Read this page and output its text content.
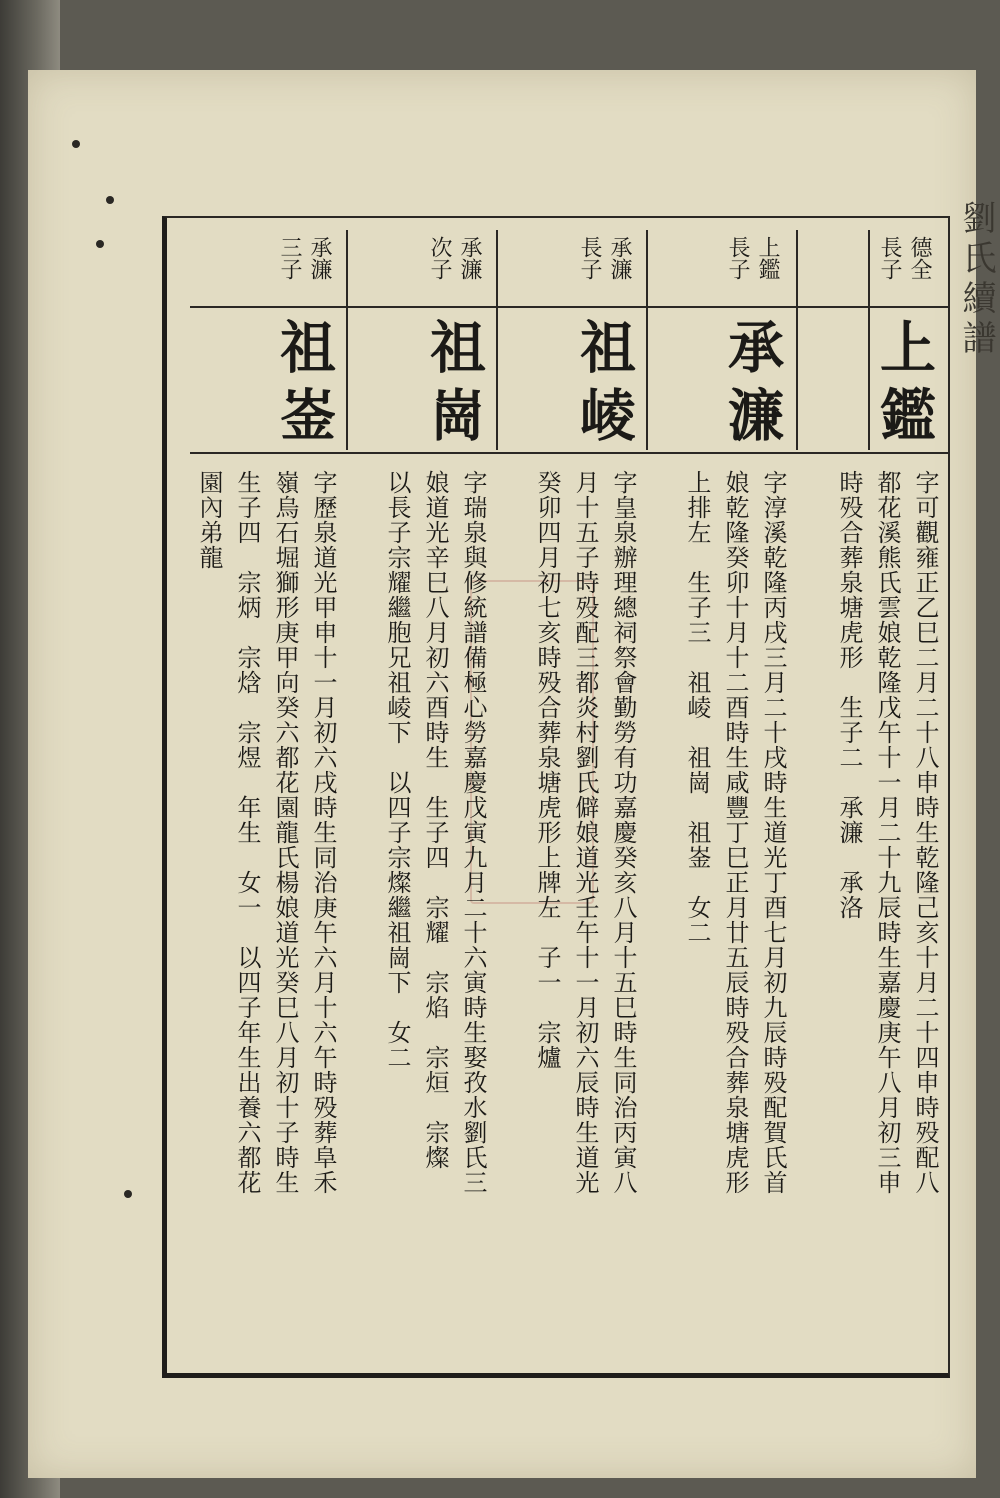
劉氏續譜
德全
長子
上鑑
上鑑
長子
承濂
承濂
長子
祖崚
承濂
次子
祖崗
承濂
三子
祖崟
字可觀雍正乙巳二月二十八申時生乾隆己亥十月二十四申時殁配八
都花溪熊氏雲娘乾隆戊午十一月二十九辰時生嘉慶庚午八月初三申
時殁合葬泉塘虎形　生子二　承濂　承洛
字淳溪乾隆丙戌三月二十戌時生道光丁酉七月初九辰時殁配賀氏首
娘乾隆癸卯十月十二酉時生咸豐丁巳正月廿五辰時殁合葬泉塘虎形
上排左　生子三　祖崚　祖崗　祖崟　女二
字皇泉辦理總祠祭會勤勞有功嘉慶癸亥八月十五巳時生同治丙寅八
月十五子時殁配三都炎村劉氏僻娘道光壬午十一月初六辰時生道光
癸卯四月初七亥時殁合葬泉塘虎形上牌左　子一　宗爐
字瑞泉與修統譜備極心勞嘉慶戊寅九月二十六寅時生娶孜水劉氏三
娘道光辛巳八月初六酉時生　生子四　宗耀　宗焰　宗烜　宗燦
以長子宗耀繼胞兄祖崚下　以四子宗燦繼祖崗下　女二
字歷泉道光甲申十一月初六戌時生同治庚午六月十六午時殁葬阜禾
嶺烏石堀獅形庚甲向癸六都花園龍氏楊娘道光癸巳八月初十子時生
生子四　宗炳　宗焓　宗煜　年生　女一　以四子年生出養六都花
園內弟龍
